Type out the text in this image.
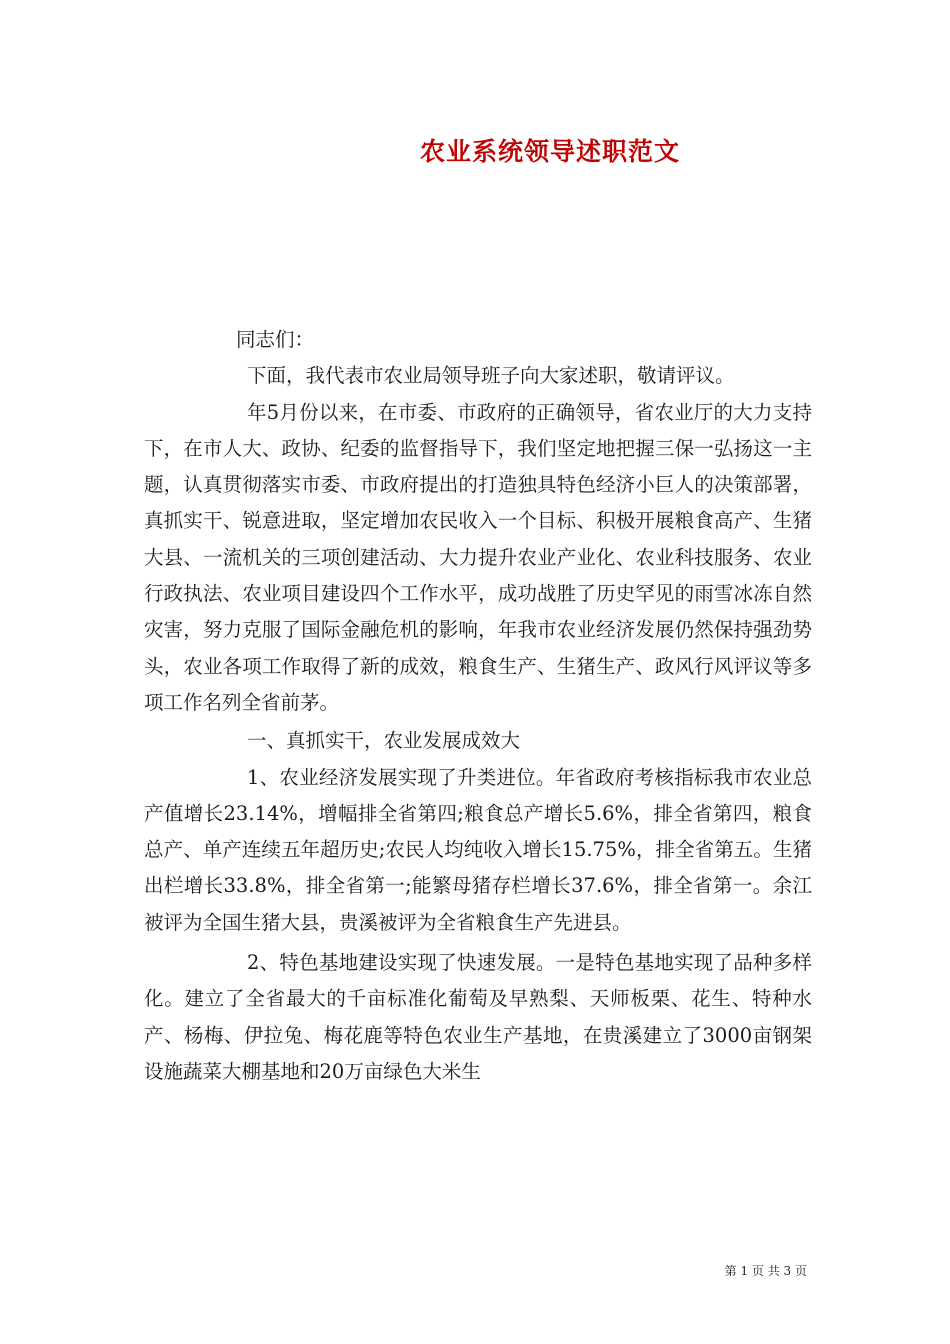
农业系统领导述职范文

同志们：

下面，我代表市农业局领导班子向大家述职，敬请评议。

年5月份以来，在市委、市政府的正确领导，省农业厅的大力支持下，在市人大、政协、纪委的监督指导下，我们坚定地把握三保一弘扬这一主题，认真贯彻落实市委、市政府提出的打造独具特色经济小巨人的决策部署，真抓实干、锐意进取，坚定增加农民收入一个目标、积极开展粮食高产、生猪大县、一流机关的三项创建活动、大力提升农业产业化、农业科技服务、农业行政执法、农业项目建设四个工作水平，成功战胜了历史罕见的雨雪冰冻自然灾害，努力克服了国际金融危机的影响，年我市农业经济发展仍然保持强劲势头，农业各项工作取得了新的成效，粮食生产、生猪生产、政风行风评议等多项工作名列全省前茅。

一、真抓实干，农业发展成效大

1、农业经济发展实现了升类进位。年省政府考核指标我市农业总产值增长23.14%，增幅排全省第四;粮食总产增长5.6%，排全省第四，粮食总产、单产连续五年超历史;农民人均纯收入增长15.75%，排全省第五。生猪出栏增长33.8%，排全省第一;能繁母猪存栏增长37.6%，排全省第一。余江被评为全国生猪大县，贵溪被评为全省粮食生产先进县。

2、特色基地建设实现了快速发展。一是特色基地实现了品种多样化。建立了全省最大的千亩标准化葡萄及早熟梨、天师板栗、花生、特种水产、杨梅、伊拉兔、梅花鹿等特色农业生产基地，在贵溪建立了3000亩钢架设施蔬菜大棚基地和20万亩绿色大米生

第 1 页 共 3 页
